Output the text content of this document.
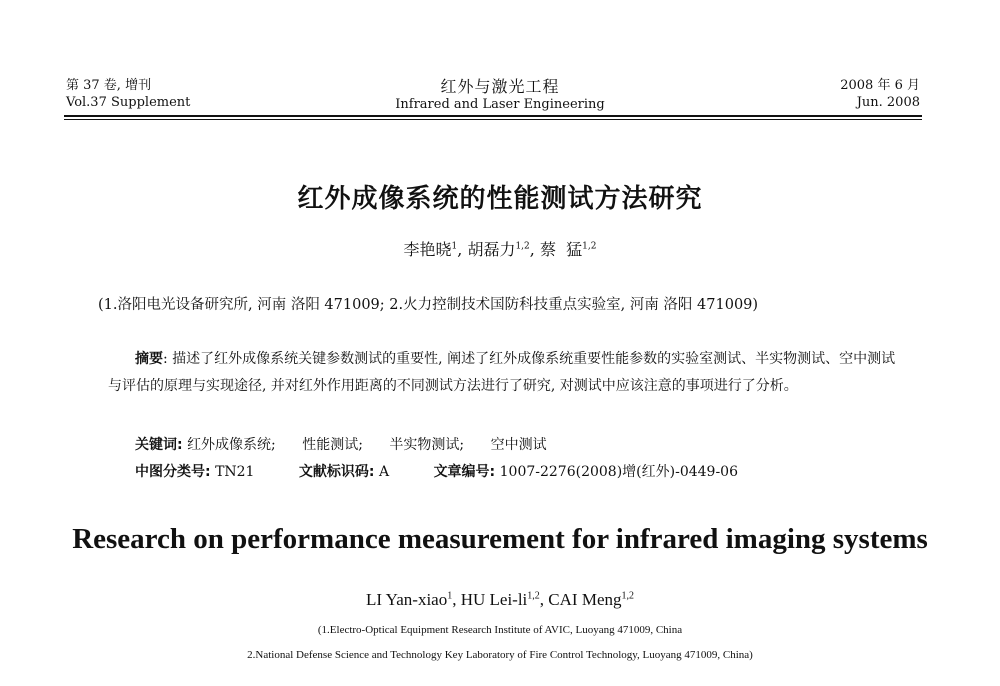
第 37 卷, 增刊
Vol.37 Supplement
红外与激光工程
Infrared and Laser Engineering
2008 年 6 月
Jun. 2008
红外成像系统的性能测试方法研究
李艳晓$^1$, 胡磊力$^{1,2}$, 蔡  猛$^{1,2}$
(1.洛阳电光设备研究所, 河南 洛阳 471009; 2.火力控制技术国防科技重点实验室, 河南 洛阳 471009)

摘要: 描述了红外成像系统关键参数测试的重要性, 阐述了红外成像系统重要性能参数的实验室测试、半实物测试、空中测试与评估的原理与实现途径, 并对红外作用距离的不同测试方法进行了研究, 对测试中应该注意的事项进行了分析。

关键词: 红外成像系统; 性能测试; 半实物测试; 空中测试
中图分类号: TN21	文献标识码: A	文章编号: 1007-2276(2008)增(红外)-0449-06
Research on performance measurement for infrared imaging systems
LI Yan-xiao$^1$, HU Lei-li$^{1,2}$, CAI Meng$^{1,2}$
(1.Electro-Optical Equipment Research Institute of AVIC, Luoyang 471009, China
2.National Defense Science and Technology Key Laboratory of Fire Control Technology, Luoyang 471009, China)
